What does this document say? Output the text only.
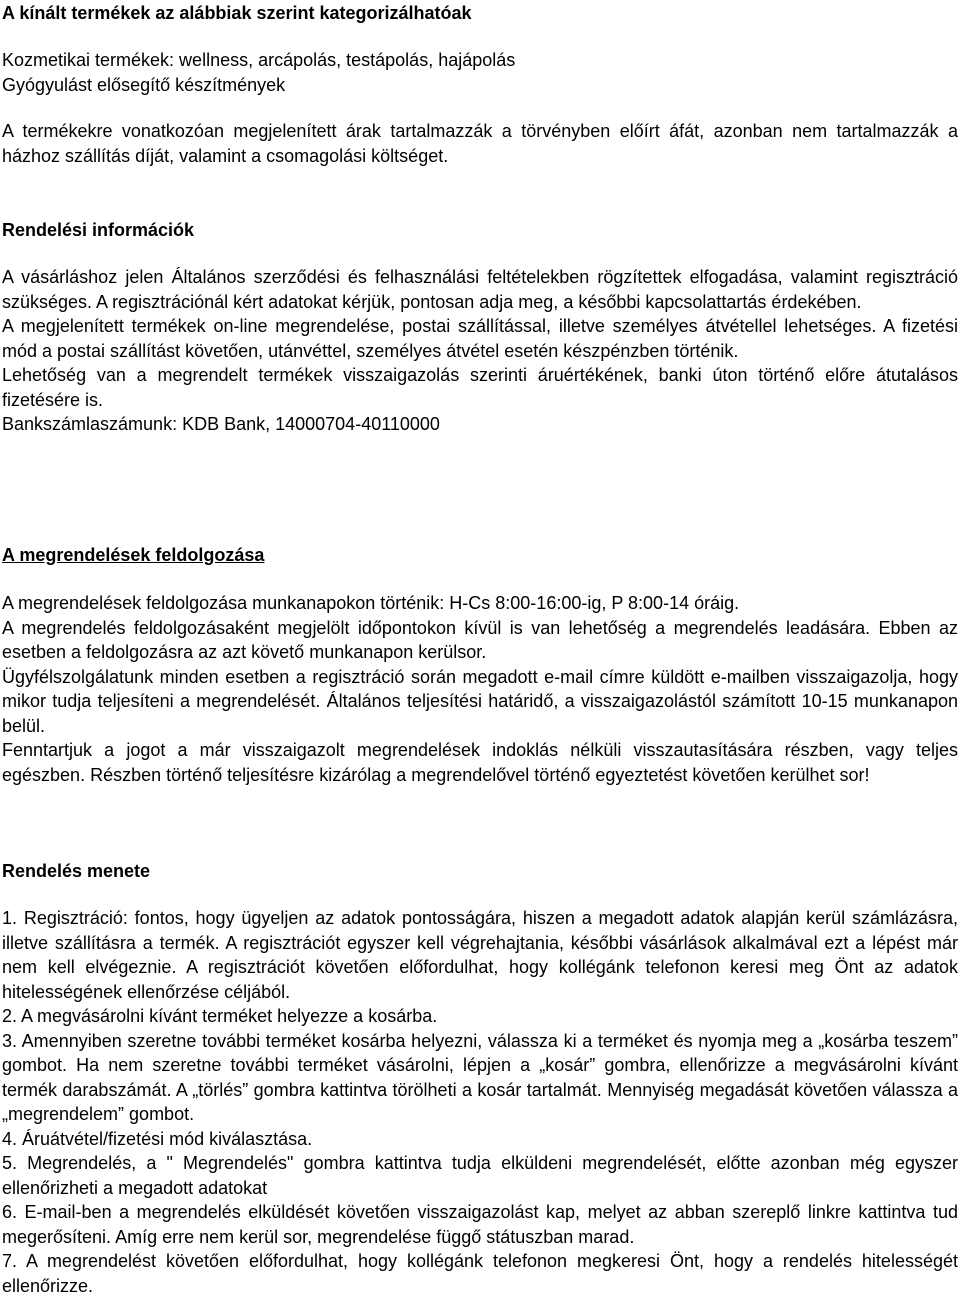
A kínált termékek az alábbiak szerint kategorizálhatóak

Kozmetikai termékek: wellness, arcápolás, testápolás, hajápolás

Gyógyulást elősegítő készítmények

A termékekre vonatkozóan megjelenített árak tartalmazzák a törvényben előírt áfát, azonban nem tartalmazzák a házhoz szállítás díját, valamint a csomagolási költséget.

Rendelési információk

A vásárláshoz jelen Általános szerződési és felhasználási feltételekben rögzítettek elfogadása, valamint regisztráció szükséges. A regisztrációnál kért adatokat kérjük, pontosan adja meg, a későbbi kapcsolattartás érdekében.

A megjelenített termékek on-line megrendelése, postai szállítással, illetve személyes átvétellel lehetséges. A fizetési mód a postai szállítást követően, utánvéttel, személyes átvétel esetén készpénzben történik.

Lehetőség van a megrendelt termékek visszaigazolás szerinti áruértékének, banki úton történő előre átutalásos fizetésére is.

Bankszámlaszámunk: KDB Bank, 14000704-40110000

A megrendelések feldolgozása

A megrendelések feldolgozása munkanapokon történik: H-Cs 8:00-16:00-ig, P 8:00-14 óráig.

A megrendelés feldolgozásaként megjelölt időpontokon kívül is van lehetőség a megrendelés leadására. Ebben az esetben a feldolgozásra az azt követő munkanapon kerülsor.

Ügyfélszolgálatunk minden esetben a regisztráció során megadott e-mail címre küldött e-mailben visszaigazolja, hogy mikor tudja teljesíteni a megrendelését. Általános teljesítési határidő, a visszaigazolástól számított 10-15 munkanapon belül.

Fenntartjuk a jogot a már visszaigazolt megrendelések indoklás nélküli visszautasítására részben, vagy teljes egészben. Részben történő teljesítésre kizárólag a megrendelővel történő egyeztetést követően kerülhet sor!

Rendelés menete

1. Regisztráció: fontos, hogy ügyeljen az adatok pontosságára, hiszen a megadott adatok alapján kerül számlázásra, illetve szállításra a termék. A regisztrációt egyszer kell végrehajtania, későbbi vásárlások alkalmával ezt a lépést már nem kell elvégeznie. A regisztrációt követően előfordulhat, hogy kollégánk telefonon keresi meg Önt az adatok hitelességének ellenőrzése céljából.

2. A megvásárolni kívánt terméket helyezze a kosárba.

3. Amennyiben szeretne további terméket kosárba helyezni, válassza ki a terméket és nyomja meg a „kosárba teszem” gombot. Ha nem szeretne további terméket vásárolni, lépjen a „kosár” gombra, ellenőrizze a megvásárolni kívánt termék darabszámát. A „törlés” gombra kattintva törölheti a kosár tartalmát. Mennyiség megadását követően válassza a „megrendelem” gombot.

4. Áruátvétel/fizetési mód kiválasztása.

5. Megrendelés, a " Megrendelés" gombra kattintva tudja elküldeni megrendelését, előtte azonban még egyszer ellenőrizheti a megadott adatokat

6. E-mail-ben a megrendelés elküldését követően visszaigazolást kap, melyet az abban szereplő linkre kattintva tud megerősíteni. Amíg erre nem kerül sor, megrendelése függő státuszban marad.

7. A megrendelést követően előfordulhat, hogy kollégánk telefonon megkeresi Önt, hogy a rendelés hitelességét ellenőrizze.
